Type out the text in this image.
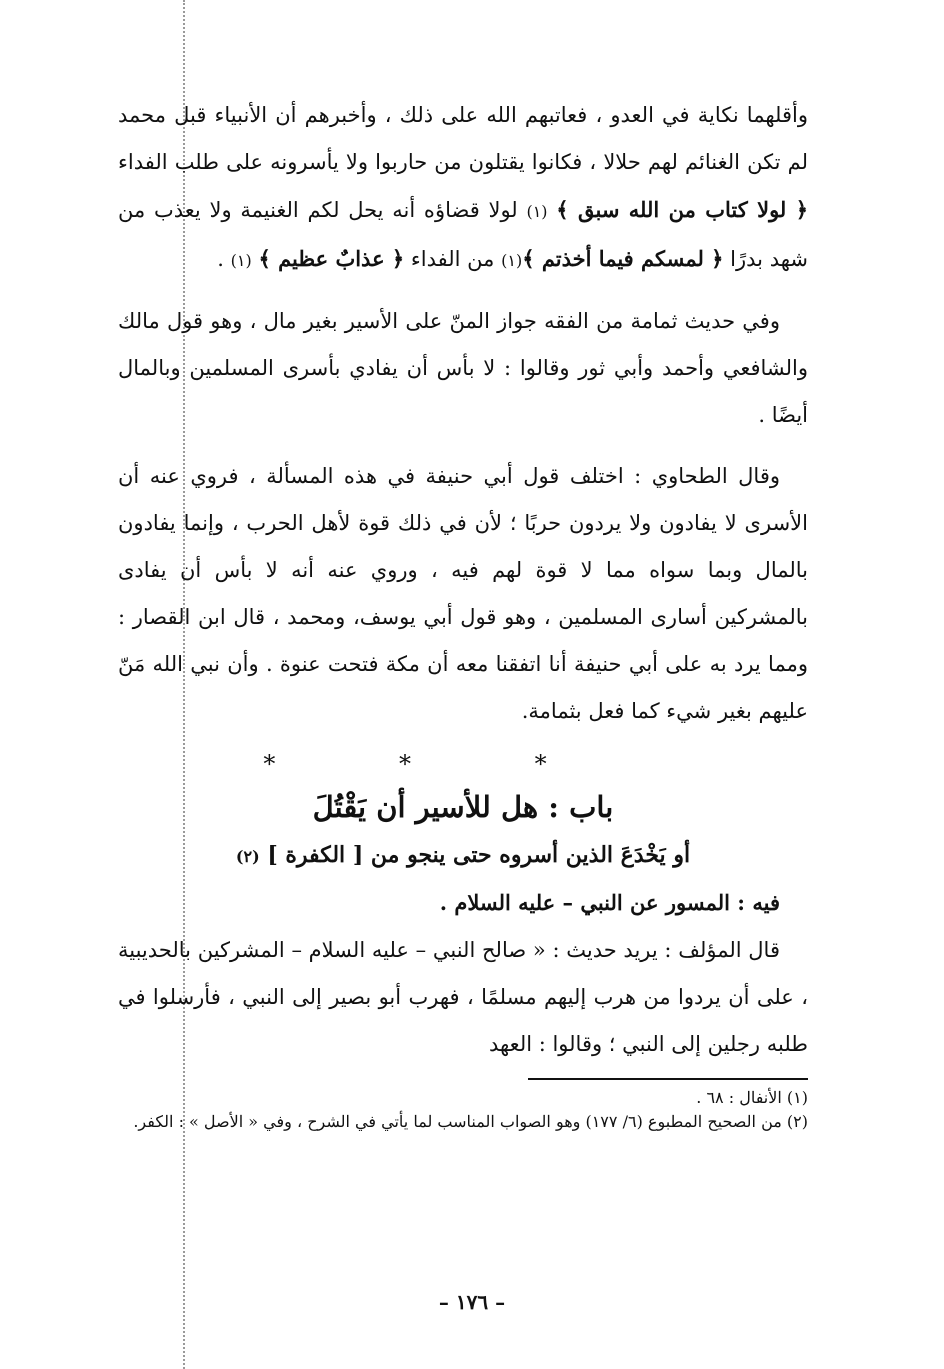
وأقلهما نكاية في العدو ، فعاتبهم الله على ذلك ، وأخبرهم أن الأنبياء قبل محمد لم تكن الغنائم لهم حلالا ، فكانوا يقتلون من حاربوا ولا يأسرونه على طلب الفداء ﴿ لولا كتاب من الله سبق ﴾ (١) لولا قضاؤه أنه يحل لكم الغنيمة ولا يعذب من شهد بدرًا ﴿ لمسكم فيما أخذتم ﴾(١) من الفداء ﴿ عذابٌ عظيم ﴾ (١) .

وفي حديث ثمامة من الفقه جواز المنّ على الأسير بغير مال ، وهو قول مالك والشافعي وأحمد وأبي ثور وقالوا : لا بأس أن يفادي بأسرى المسلمين وبالمال أيضًا .

وقال الطحاوي : اختلف قول أبي حنيفة في هذه المسألة ، فروي عنه أن الأسرى لا يفادون ولا يردون حربًا ؛ لأن في ذلك قوة لأهل الحرب ، وإنما يفادون بالمال وبما سواه مما لا قوة لهم فيه ، وروي عنه أنه لا بأس أن يفادى بالمشركين أسارى المسلمين ، وهو قول أبي يوسف، ومحمد ، قال ابن القصار : ومما يرد به على أبي حنيفة أنا اتفقنا معه أن مكة فتحت عنوة . وأن نبي الله مَنّ عليهم بغير شيء كما فعل بثمامة.

* * *

باب : هل للأسير أن يَقْتُلَ

أو يَخْدَعَ الذين أسروه حتى ينجو من [ الكفرة ] (٢)

فيه : المسور عن النبي – عليه السلام .

قال المؤلف : يريد حديث : « صالح النبي – عليه السلام – المشركين بالحديبية ، على أن يردوا من هرب إليهم مسلمًا ، فهرب أبو بصير إلى النبي ، فأرسلوا في طلبه رجلين إلى النبي ؛ وقالوا : العهد

(١) الأنفال : ٦٨ .

(٢) من الصحيح المطبوع (٦/ ١٧٧) وهو الصواب المناسب لما يأتي في الشرح ، وفي « الأصل » : الكفر.

– ١٧٦ –
